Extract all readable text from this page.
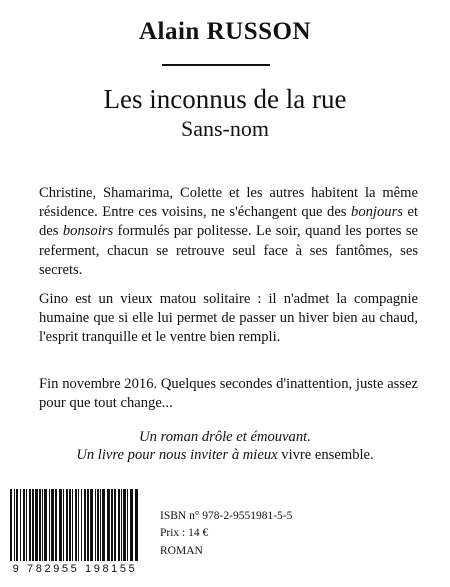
Alain RUSSON
Les inconnus de la rue
Sans-nom

Christine, Shamarima, Colette et les autres habitent la même résidence. Entre ces voisins, ne s'échangent que des bonjours et des bonsoirs formulés par politesse. Le soir, quand les portes se referment, chacun se retrouve seul face à ses fantômes, ses secrets.

Gino est un vieux matou solitaire : il n'admet la compagnie humaine que si elle lui permet de passer un hiver bien au chaud, l'esprit tranquille et le ventre bien rempli.

Fin novembre 2016. Quelques secondes d'inattention, juste assez pour que tout change...

Un roman drôle et émouvant.
Un livre pour nous inviter à mieux vivre ensemble.
9 782955 198155
ISBN n° 978-2-9551981-5-5
Prix : 14 €
ROMAN
